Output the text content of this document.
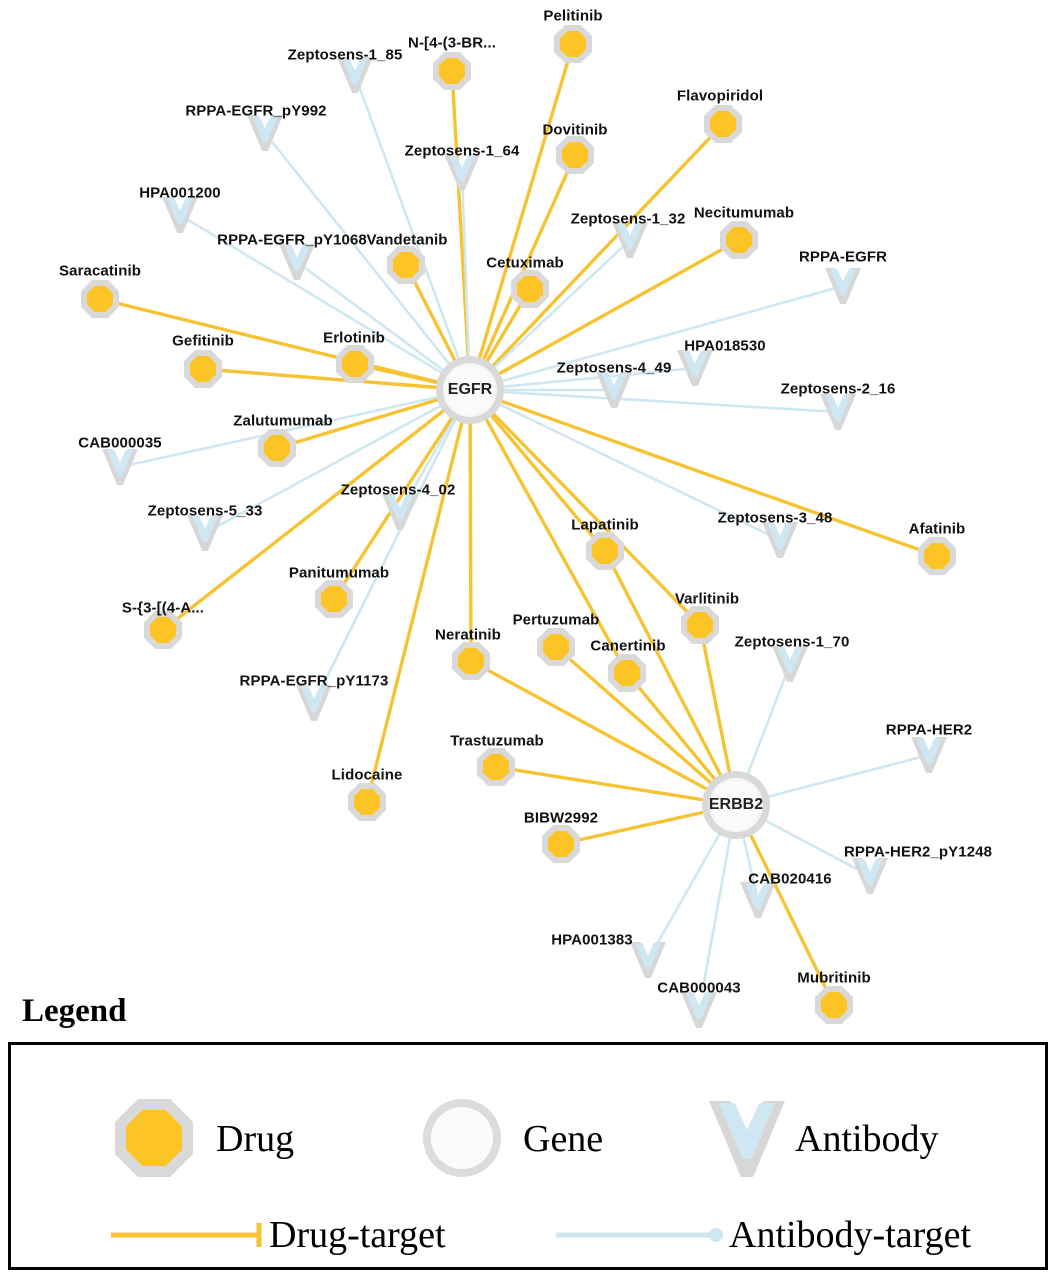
Pelitinib
N-[4-(3-BR...
Zeptosens-1_85
Flavopiridol
RPPA-EGFR_pY992
Dovitinib
Zeptosens-1_64
HPA001200
Necitumumab
Zeptosens-1_32
RPPA-EGFR_pY1068 Vandetanib
Cetuximab	RPPA-EGFR
Saracatinib
Gefitinib	Erlotinib	HPA018530
Zeptosens-4_49
Zeptosens-2_16
Zalutumumab
CAB000035
Zeptosens-4_02
Zeptosens-5_33	Zeptosens-3_48
Lapatinib	Afatinib
Panitumumab
Varlitinib
S-{3-[(4-A...
Pertuzumab
Neratinib
Canertinib	Zeptosens-1_70
RPPA-EGFR_pY1173
RPPA-HER2
Trastuzumab
Lidocaine
BIBW2992
RPPA-HER2_pY1248
CAB020416
HPA001383
CAB000043
Mubritinib
EGFR
ERBB2
Legend
Drug	Gene	Antibody
Drug-target	Antibody-target
